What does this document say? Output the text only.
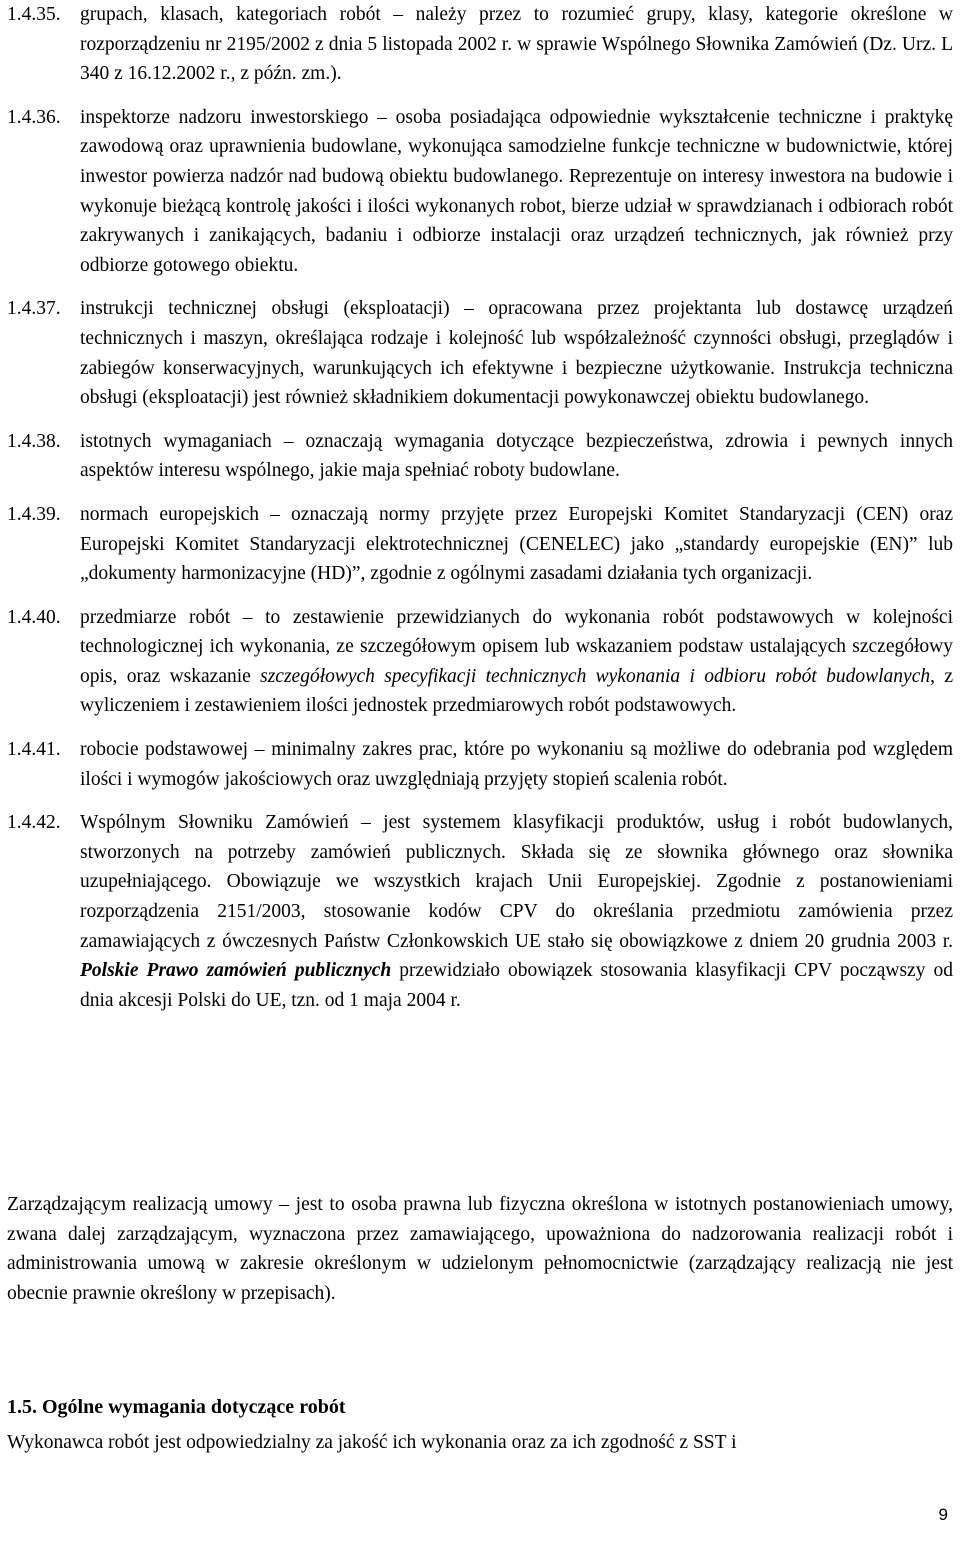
1.4.35. grupach, klasach, kategoriach robót – należy przez to rozumieć grupy, klasy, kategorie określone w rozporządzeniu nr 2195/2002 z dnia 5 listopada 2002 r. w sprawie Wspólnego Słownika Zamówień (Dz. Urz. L 340 z 16.12.2002 r., z późn. zm.).
1.4.36. inspektorze nadzoru inwestorskiego – osoba posiadająca odpowiednie wykształcenie techniczne i praktykę zawodową oraz uprawnienia budowlane, wykonująca samodzielne funkcje techniczne w budownictwie, której inwestor powierza nadzór nad budową obiektu budowlanego. Reprezentuje on interesy inwestora na budowie i wykonuje bieżącą kontrolę jakości i ilości wykonanych robot, bierze udział w sprawdzianach i odbiorach robót zakrywanych i zanikających, badaniu i odbiorze instalacji oraz urządzeń technicznych, jak również przy odbiorze gotowego obiektu.
1.4.37. instrukcji technicznej obsługi (eksploatacji) – opracowana przez projektanta lub dostawcę urządzeń technicznych i maszyn, określająca rodzaje i kolejność lub współzależność czynności obsługi, przeglądów i zabiegów konserwacyjnych, warunkujących ich efektywne i bezpieczne użytkowanie. Instrukcja techniczna obsługi (eksploatacji) jest również składnikiem dokumentacji powykonawczej obiektu budowlanego.
1.4.38. istotnych wymaganiach – oznaczają wymagania dotyczące bezpieczeństwa, zdrowia i pewnych innych aspektów interesu wspólnego, jakie maja spełniać roboty budowlane.
1.4.39. normach europejskich – oznaczają normy przyjęte przez Europejski Komitet Standaryzacji (CEN) oraz Europejski Komitet Standaryzacji elektrotechnicznej (CENELEC) jako „standardy europejskie (EN)” lub „dokumenty harmonizacyjne (HD)”, zgodnie z ogólnymi zasadami działania tych organizacji.
1.4.40. przedmiarze robót – to zestawienie przewidzianych do wykonania robót podstawowych w kolejności technologicznej ich wykonania, ze szczegółowym opisem lub wskazaniem podstaw ustalających szczegółowy opis, oraz wskazanie szczegółowych specyfikacji technicznych wykonania i odbioru robót budowlanych, z wyliczeniem i zestawieniem ilości jednostek przedmiarowych robót podstawowych.
1.4.41. robocie podstawowej – minimalny zakres prac, które po wykonaniu są możliwe do odebrania pod względem ilości i wymogów jakościowych oraz uwzględniają przyjęty stopień scalenia robót.
1.4.42. Wspólnym Słowniku Zamówień – jest systemem klasyfikacji produktów, usług i robót budowlanych, stworzonych na potrzeby zamówień publicznych. Składa się ze słownika głównego oraz słownika uzupełniającego. Obowiązuje we wszystkich krajach Unii Europejskiej. Zgodnie z postanowieniami rozporządzenia 2151/2003, stosowanie kodów CPV do określania przedmiotu zamówienia przez zamawiających z ówczesnych Państw Członkowskich UE stało się obowiązkowe z dniem 20 grudnia 2003 r. Polskie Prawo zamówień publicznych przewidziało obowiązek stosowania klasyfikacji CPV począwszy od dnia akcesji Polski do UE, tzn. od 1 maja 2004 r.

Zarządzającym realizacją umowy – jest to osoba prawna lub fizyczna określona w istotnych postanowieniach umowy, zwana dalej zarządzającym, wyznaczona przez zamawiającego, upoważniona do nadzorowania realizacji robót i administrowania umową w zakresie określonym w udzielonym pełnomocnictwie (zarządzający realizacją nie jest obecnie prawnie określony w przepisach).

1.5. Ogólne wymagania dotyczące robót

Wykonawca robót jest odpowiedzialny za jakość ich wykonania oraz za ich zgodność z SST i

9
